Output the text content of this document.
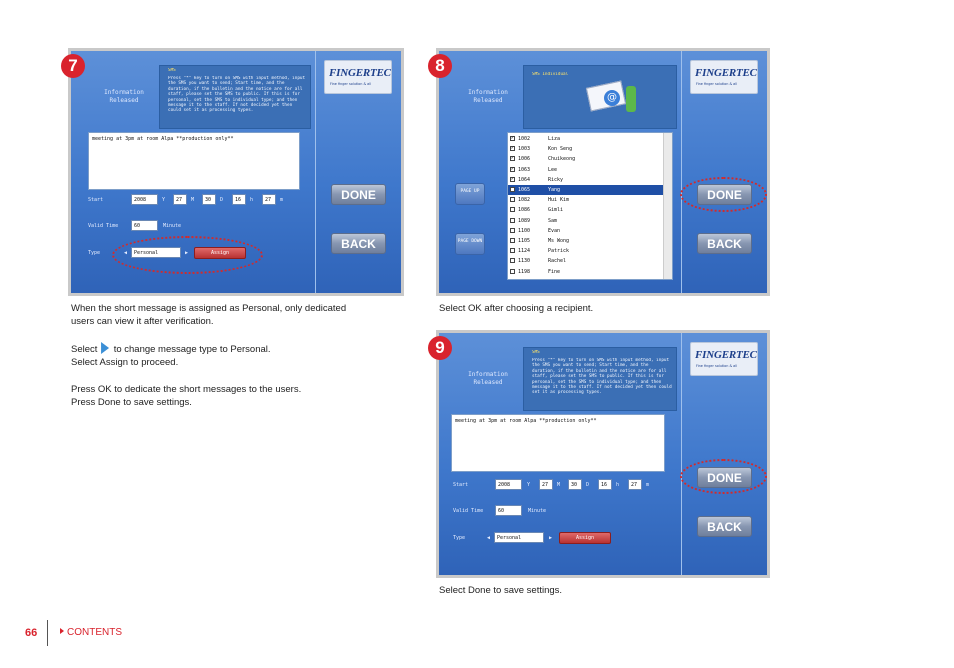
Information Released
Press "*" key to turn on SMS with input method, input the SMS you want to send; Start time, and the duration, if the bulletin and the notice are for all staff, please set the SMS to public. If this is for personal, set the SMS to individual type; and then message it to the staff. If not decided yet then could set it as processing types.
SMS
meeting at 3pm at room Alpa **production only**
Start	2008	Y	27	M	30	D	16	h	27	m
Valid Time	60	Minute
Type	◀	Personal	▶	Assign
FINGERTEC
Fine finger solution & all
DONE
BACK
7
When the short message is assigned as Personal, only dedicated
users can view it after verification.
Select to change message type to Personal.
Select Assign to proceed.
Press OK to dedicate the short messages to the users.
Press Done to save settings.
Information Released
SMS Individual
@
PAGE UP
PAGE DOWN
1198	Fine
1130	Rachel
1124	Patrick
1105	Ms Wong
1100	Evan
1089	Sam
1086	Gimli
1082	Hui Kim
1065	Yang
✓ 1064	Ricky
✓ 1063	Lee
✓ 1006	Chuikeong
✓ 1003	Kon Seng
✓ 1002	Liza
FINGERTEC
Fine finger solution & all
DONE
BACK
8
Select OK after choosing a recipient.
Information Released
SMS
Press "*" key to turn on SMS with input method, input the SMS you want to send; Start time, and the duration, if the bulletin and the notice are for all staff, please set the SMS to public. If this is for personal, set the SMS to individual type; and then message it to the staff. If not decided yet then could set it as processing types.
meeting at 3pm at room Alpa **production only**
Start	2008	Y	27	M	30	D	16	h	27	m
Valid Time	60	Minute
Type	◀	Personal	▶	Assign
FINGERTEC
Fine finger solution & all
DONE
BACK
9
Select Done to save settings.
66	CONTENTS
